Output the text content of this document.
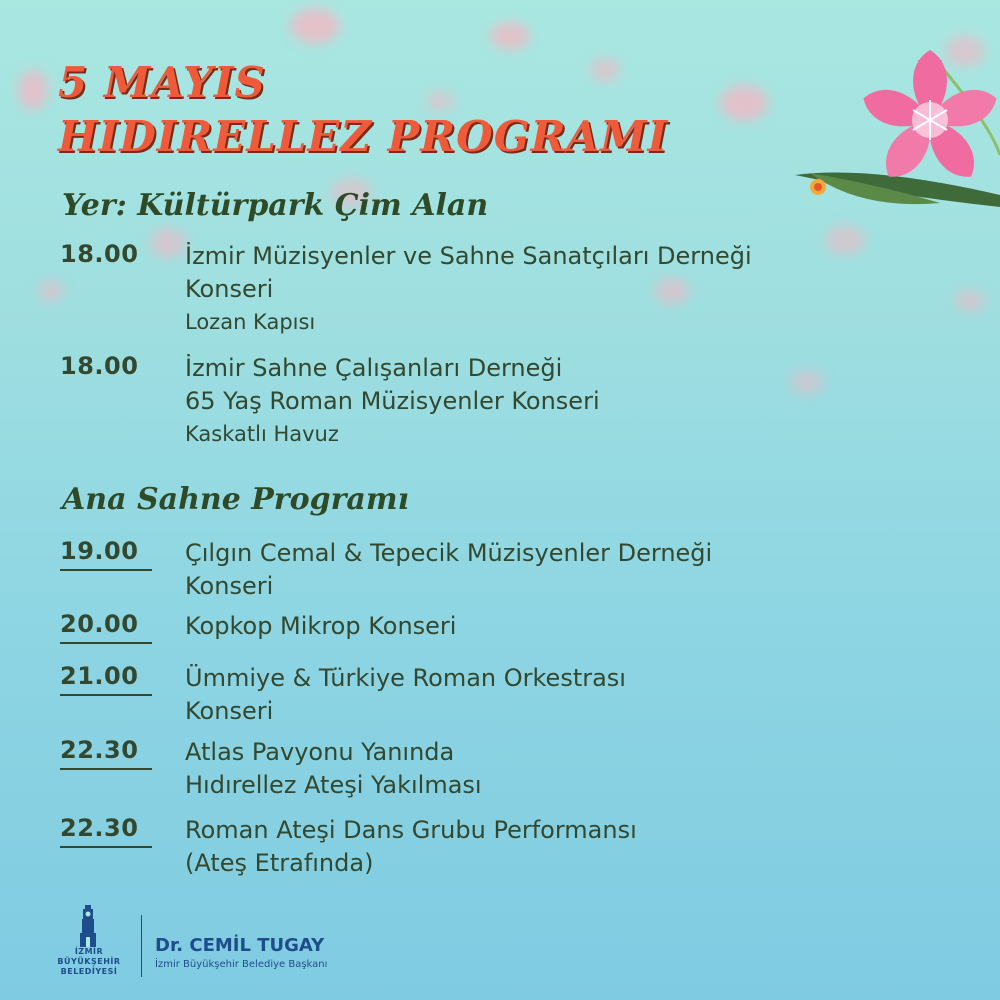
5 MAYIS
HIDIRELLEZ PROGRAMI
Yer: Kültürpark Çim Alan
18.00 İzmir Müzisyenler ve Sahne Sanatçıları Derneği
Konseri
Lozan Kapısı
18.00 İzmir Sahne Çalışanları Derneği
65 Yaş Roman Müzisyenler Konseri
Kaskatlı Havuz
Ana Sahne Programı
19.00	Çılgın Cemal & Tepecik Müzisyenler Derneği
Konseri
20.00	Kopkop Mikrop Konseri
21.00	Ümmiye & Türkiye Roman Orkestrası
Konseri
22.30	Atlas Pavyonu Yanında
Hıdırellez Ateşi Yakılması
22.30	Roman Ateşi Dans Grubu Performansı
(Ateş Etrafında)
İZMİR
BÜYÜKŞEHİR
BELEDİYESİ
Dr. CEMİL TUGAY
İzmir Büyükşehir Belediye Başkanı
